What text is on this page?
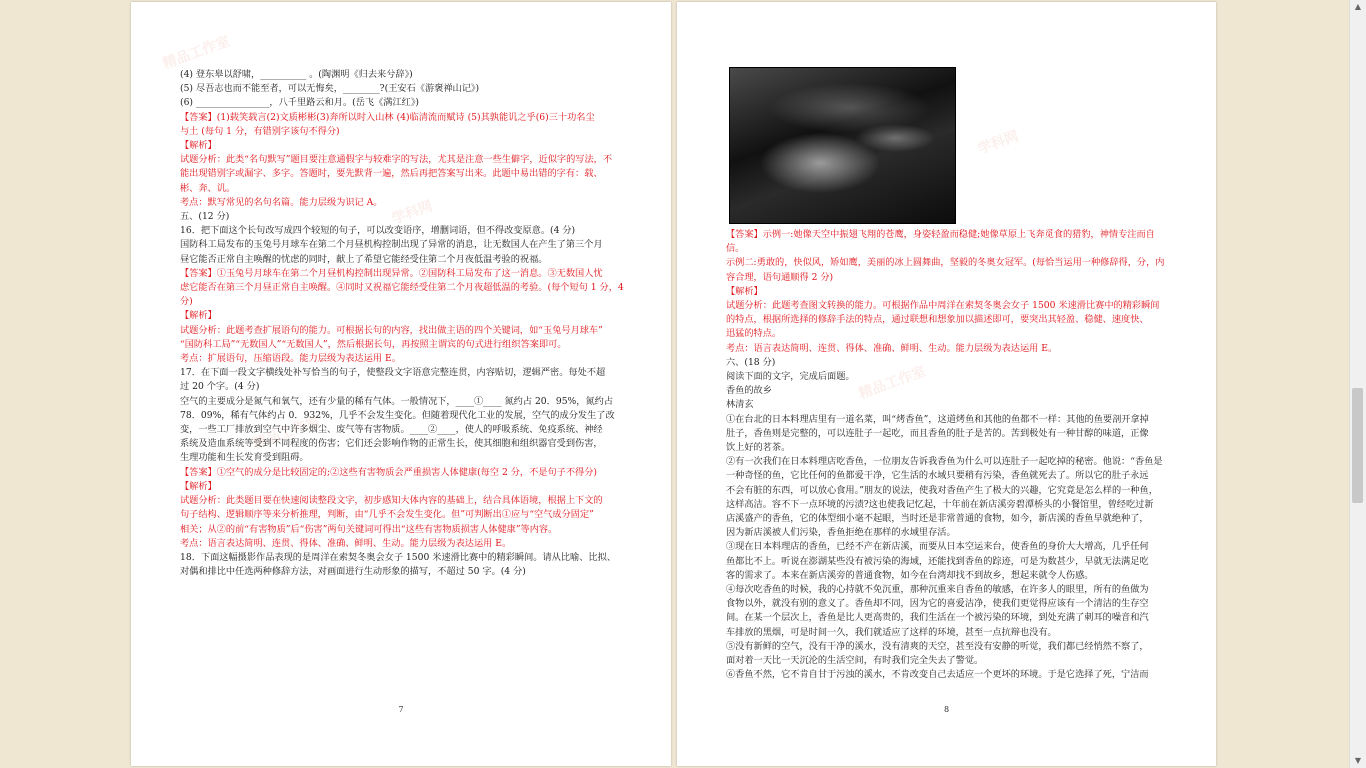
精品工作室
学科网
精品工作室
(4) 登东皋以舒啸，__________ 。(陶渊明《归去来兮辞》)
(5) 尽吾志也而不能至者，可以无悔矣，________?(王安石《游褒禅山记》)
(6) ________________，八千里路云和月。(岳飞《满江红》)
【答案】(1)载笑载言(2)文质彬彬(3)奔所以时入山林 (4)临清流而赋诗 (5)其孰能讥之乎(6)三十功名尘
与土 (每句 1 分，有错别字该句不得分)
【解析】
试题分析：此类“名句默写”题目要注意通假字与较难字的写法，尤其是注意一些生僻字，近似字的写法，不
能出现错别字或漏字、多字。答题时，要先默背一遍，然后再把答案写出来。此题中易出错的字有：载、
彬、奔、讥。
考点：默写常见的名句名篇。能力层级为识记 A。
五、(12 分)
16．把下面这个长句改写成四个较短的句子，可以改变语序，增删词语，但不得改变原意。(4 分)
国防科工局发布的玉兔号月球车在第二个月昼机构控制出现了异常的消息，让无数国人在产生了第三个月
昼它能否正常自主唤醒的忧虑的同时，献上了希望它能经受住第二个月夜低温考验的祝福。
【答案】①玉兔号月球车在第二个月昼机构控制出现异常。②国防科工局发布了这一消息。③无数国人忧
虑它能否在第三个月昼正常自主唤醒。④同时又祝福它能经受住第二个月夜超低温的考验。(每个短句 1 分，4
分)
【解析】
试题分析：此题考查扩展语句的能力。可根据长句的内容，找出做主语的四个关键词，如“玉兔号月球车”
“国防科工局”“无数国人”“无数国人”，然后根据长句，再按照主谓宾的句式进行组织答案即可。
考点：扩展语句，压缩语段。能力层级为表达运用 E。
17．在下面一段文字横线处补写恰当的句子，使整段文字语意完整连贯，内容贴切，逻辑严密。每处不超
过 20 个字。(4 分)
空气的主要成分是氮气和氧气，还有少量的稀有气体。一般情况下，____①____ 氮约占 20．95%，氮约占
78．09%，稀有气体约占 0．932%，几乎不会发生变化。但随着现代化工业的发展，空气的成分发生了改
变，一些工厂排放到空气中许多烟尘、废气等有害物质。____②____，使人的呼吸系统、免疫系统、神经
系统及造血系统等受到不同程度的伤害；它们还会影响作物的正常生长，使其细胞和组织器官受到伤害，
生理功能和生长发育受到阻碍。
【答案】①空气的成分是比较固定的;②这些有害物质会严重损害人体健康(每空 2 分，不是句子不得分)
【解析】
试题分析：此类题目要在快速阅读整段文字，初步感知大体内容的基础上，结合具体语境，根据上下文的
句子结构、逻辑顺序等来分析推理，判断，由“几乎不会发生变化。但”可判断出①应与“空气成分固定”
相关；从②的前“有害物质”后“伤害”两句关键词可得出“这些有害物质损害人体健康”等内容。
考点：语言表达简明、连贯、得体、准确、鲜明、生动。能力层级为表达运用 E。
18．下面这幅摄影作品表现的是周洋在索契冬奥会女子 1500 米速滑比赛中的精彩瞬间。请从比喻、比拟、
对偶和排比中任选两种修辞方法，对画面进行生动形象的描写，不超过 50 字。(4 分)
7
学科网
精品工作室
【答案】示例一:她像天空中振翅飞翔的苍鹰，身姿轻盈而稳健;她像草原上飞奔觅食的猎豹，神情专注而自
信。
示例二:勇敢的，快似风，矫如鹰，美丽的冰上圆舞曲，坚毅的冬奥女冠军。(每恰当运用一种修辞得，分，内
容合理，语句通顺得 2 分)
【解析】
试题分析：此题考查图文转换的能力。可根据作品中周洋在索契冬奥会女子 1500 米速滑比赛中的精彩瞬间
的特点，根据所选择的修辞手法的特点，通过联想和想象加以描述即可，要突出其轻盈、稳健、速度快、
迅猛的特点。
考点：语言表达简明、连贯、得体、准确、鲜明、生动。能力层级为表达运用 E。
六、(18 分)
阅读下面的文字，完成后面题。
香鱼的故乡
林清玄
①在台北的日本料理店里有一道名菜，叫“烤香鱼”，这道烤鱼和其他的鱼都不一样：其他的鱼要剖开拿掉
肚子，香鱼则是完整的，可以连肚子一起吃，而且香鱼的肚子是苦的。苦到极处有一种甘醇的味道，正像
饮上好的茗茶。
②有一次我们在日本料理店吃香鱼，一位朋友告诉我香鱼为什么可以连肚子一起吃掉的秘密。他说：“香鱼是
一种奇怪的鱼，它比任何的鱼都爱干净，它生活的水域只要稍有污染，香鱼就死去了。所以它的肚子永远
不会有脏的东西，可以放心食用。”朋友的说法，使我对香鱼产生了极大的兴趣，它究竟是怎么样的一种鱼，
这样高洁。容不下一点环境的污渍?这也使我记忆起，十年前在新店溪旁碧潭桥头的小餐馆里，曾经吃过新
店溪盛产的香鱼，它的体型细小毫不起眼，当时还是非常普通的食物，如今，新店溪的香鱼早就绝种了，
因为新店溪被人们污染，香鱼拒绝在那样的水域里存活。
③现在日本料理店的香鱼，已经不产在新店溪，而要从日本空运来台，使香鱼的身价大大增高，几乎任何
鱼都比不上。听说在澎湖某些没有被污染的海域，还能找到香鱼的踪迹，可是为数甚少，早就无法满足吃
客的需求了。本来在新店溪旁的普通食物，如今在台湾却找不到故乡，想起来就令人伤感。
④每次吃香鱼的时候，我的心持就不免沉重，那种沉重来自香鱼的敏感，在许多人的眼里，所有的鱼做为
食物以外，就没有别的意义了。香鱼却不同，因为它的喜爱洁净，使我们更觉得应该有一个清洁的生存空
间。在某一个层次上，香鱼是比人更高贵的，我们生活在一个被污染的环境，到处充满了刺耳的噪音和汽
车排放的黑烟，可是时间一久，我们就适应了这样的环境，甚至一点抗辩也没有。
⑤没有新鲜的空气，没有干净的溪水，没有清爽的天空，甚至没有安静的听觉，我们都已经悄然不察了，
面对着一天比一天沉沦的生活空间，有时我们完全失去了警觉。
⑥香鱼不然，它不肯自甘于污浊的溪水，不肯改变自己去适应一个更坏的环境。于是它选择了死，宁洁而
8
▲
▼
